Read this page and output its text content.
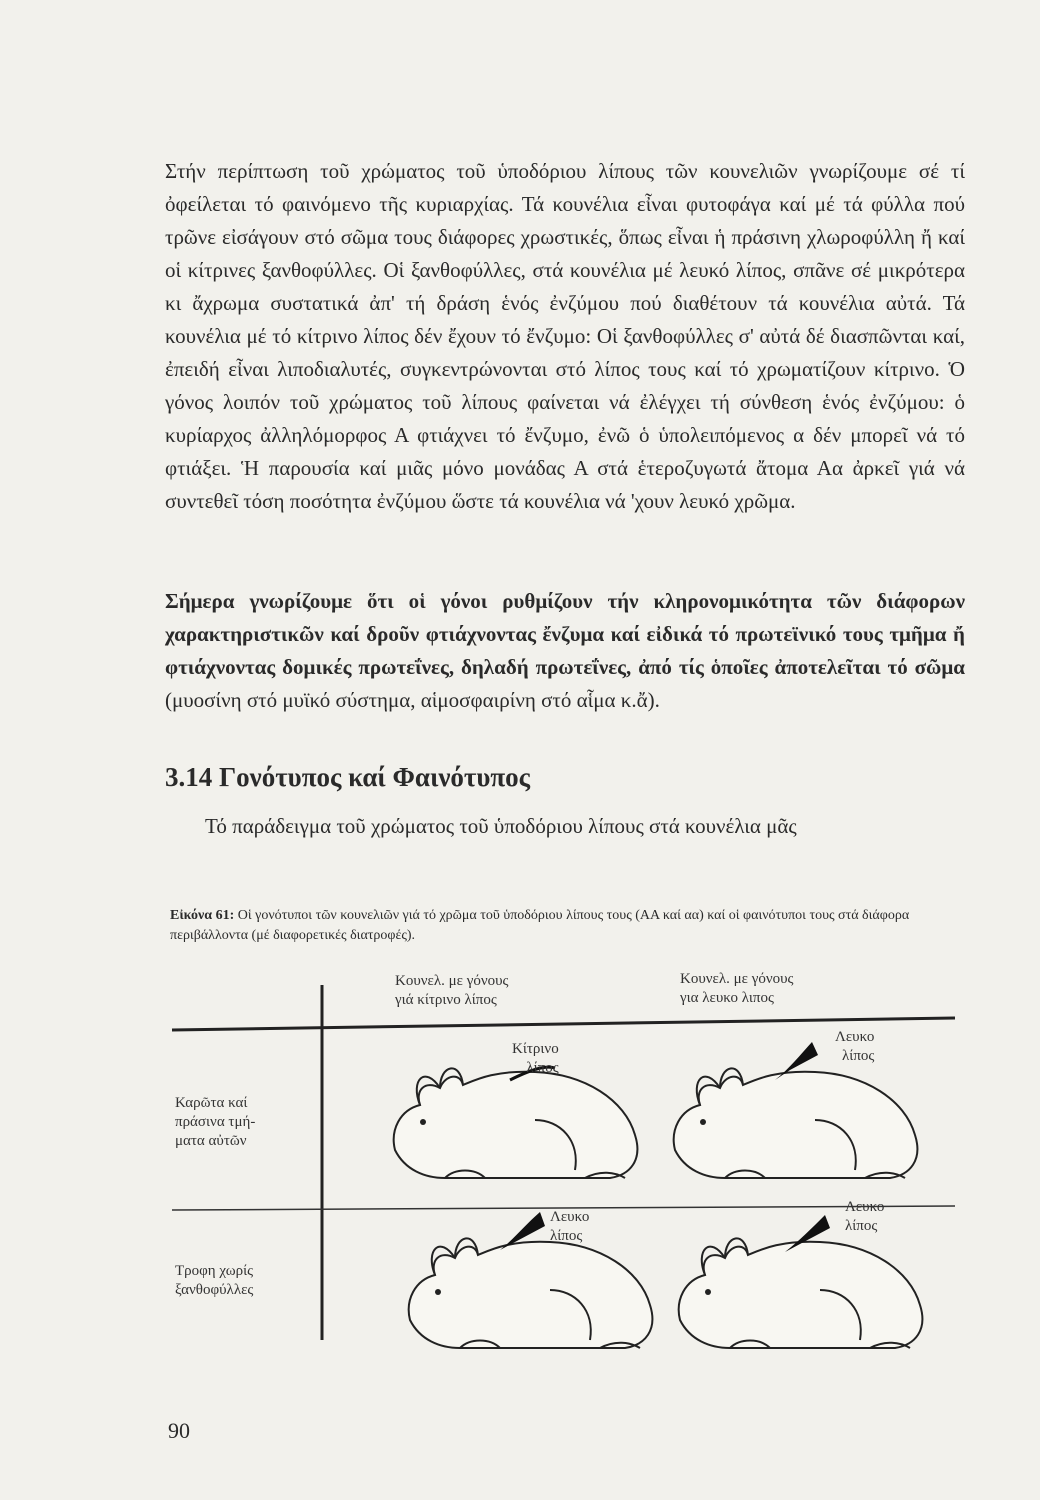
Στήν περίπτωση τοῦ χρώματος τοῦ ὑποδόριου λίπους τῶν κουνελιῶν γνωρίζουμε σέ τί ὀφείλεται τό φαινόμενο τῆς κυριαρχίας. Τά κουνέλια εἶναι φυτοφάγα καί μέ τά φύλλα πού τρῶνε εἰσάγουν στό σῶμα τους διάφορες χρωστικές, ὅπως εἶναι ἡ πράσινη χλωροφύλλη ἤ καί οἱ κίτρινες ξανθοφύλλες. Οἱ ξανθοφύλλες, στά κουνέλια μέ λευκό λίπος, σπᾶνε σέ μικρότερα κι ἄχρωμα συστατικά ἀπ' τή δράση ἑνός ἐνζύμου πού διαθέτουν τά κουνέλια αὐτά. Τά κουνέλια μέ τό κίτρινο λίπος δέν ἔχουν τό ἔνζυμο: Οἱ ξανθοφύλλες σ' αὐτά δέ διασπῶνται καί, ἐπειδή εἶναι λιποδιαλυτές, συγκεντρώνονται στό λίπος τους καί τό χρωματίζουν κίτρινο. Ὁ γόνος λοιπόν τοῦ χρώματος τοῦ λίπους φαίνεται νά ἐλέγχει τή σύνθεση ἑνός ἐνζύμου: ὁ κυρίαρχος ἀλληλόμορφος Α φτιάχνει τό ἔνζυμο, ἐνῶ ὁ ὑπολειπόμενος α δέν μπορεῖ νά τό φτιάξει. Ἡ παρουσία καί μιᾶς μόνο μονάδας Α στά ἑτεροζυγωτά ἄτομα Αα ἀρκεῖ γιά νά συντεθεῖ τόση ποσότητα ἐνζύμου ὥστε τά κουνέλια νά 'χουν λευκό χρῶμα.

Σήμερα γνωρίζουμε ὅτι οἱ γόνοι ρυθμίζουν τήν κληρονομικότητα τῶν διάφορων χαρακτηριστικῶν καί δροῦν φτιάχνοντας ἔνζυμα καί εἰδικά τό πρωτεϊνικό τους τμῆμα ἤ φτιάχνοντας δομικές πρωτεΐνες, δηλαδή πρωτεΐνες, ἀπό τίς ὁποῖες ἀποτελεῖται τό σῶμα (μυοσίνη στό μυϊκό σύστημα, αἱμοσφαιρίνη στό αἷμα κ.ἄ).

3.14 Γονότυπος καί Φαινότυπος

Τό παράδειγμα τοῦ χρώματος τοῦ ὑποδόριου λίπους στά κουνέλια μᾶς

Εἰκόνα 61: Οἱ γονότυποι τῶν κουνελιῶν γιά τό χρῶμα τοῦ ὑποδόριου λίπους τους (ΑΑ καί αα) καί οἱ φαινότυποι τους στά διάφορα περιβάλλοντα (μέ διαφορετικές διατροφές).

Κουνελ. με γόνους
γιά κίτρινο λίπος
Κουνελ. με γόνους
για λευκο λιπος
Καρῶτα καί
πράσινα τμή-
ματα αὐτῶν
Τροφη χωρίς
ξανθοφύλλες
Κίτρινο
λίπος
Λευκο
λίπος
Λευκο
λίπος
Λευκο
λίπος
90
